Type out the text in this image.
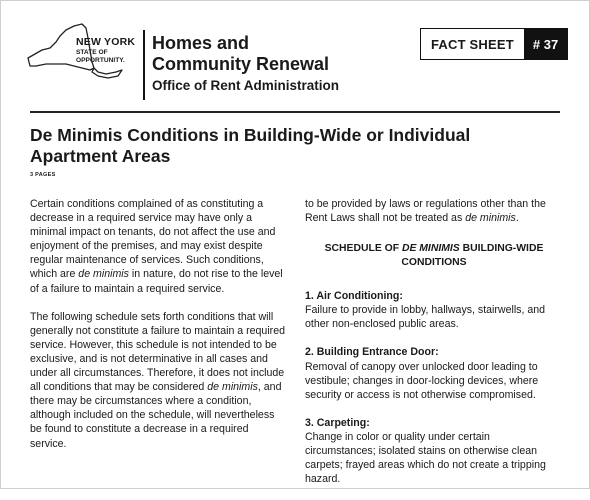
NEW YORK
STATE OF
OPPORTUNITY.
Homes and
Community Renewal
Office of Rent Administration
FACT SHEET	# 37
De Minimis Conditions in Building-Wide or Individual
Apartment Areas
3 PAGES

Certain conditions complained of as constituting a decrease in a required service may have only a minimal impact on tenants, do not affect the use and enjoyment of the premises, and may exist despite regular maintenance of services. Such conditions, which are de minimis in nature, do not rise to the level of a failure to maintain a required service.

The following schedule sets forth conditions that will generally not constitute a failure to maintain a required service. However, this schedule is not intended to be exclusive, and is not determinative in all cases and under all circumstances. Therefore, it does not include all conditions that may be considered de minimis, and there may be circumstances where a condition, although included on the schedule, will nevertheless be found to constitute a decrease in a required service.

to be provided by laws or regulations other than the Rent Laws shall not be treated as de minimis.

SCHEDULE OF DE MINIMIS BUILDING-WIDE CONDITIONS
1. Air Conditioning:
Failure to provide in lobby, hallways, stairwells, and other non-enclosed public areas.
2. Building Entrance Door:
Removal of canopy over unlocked door leading to vestibule; changes in door-locking devices, where security or access is not otherwise compromised.
3. Carpeting:
Change in color or quality under certain circumstances; isolated stains on otherwise clean carpets; frayed areas which do not create a tripping hazard.
